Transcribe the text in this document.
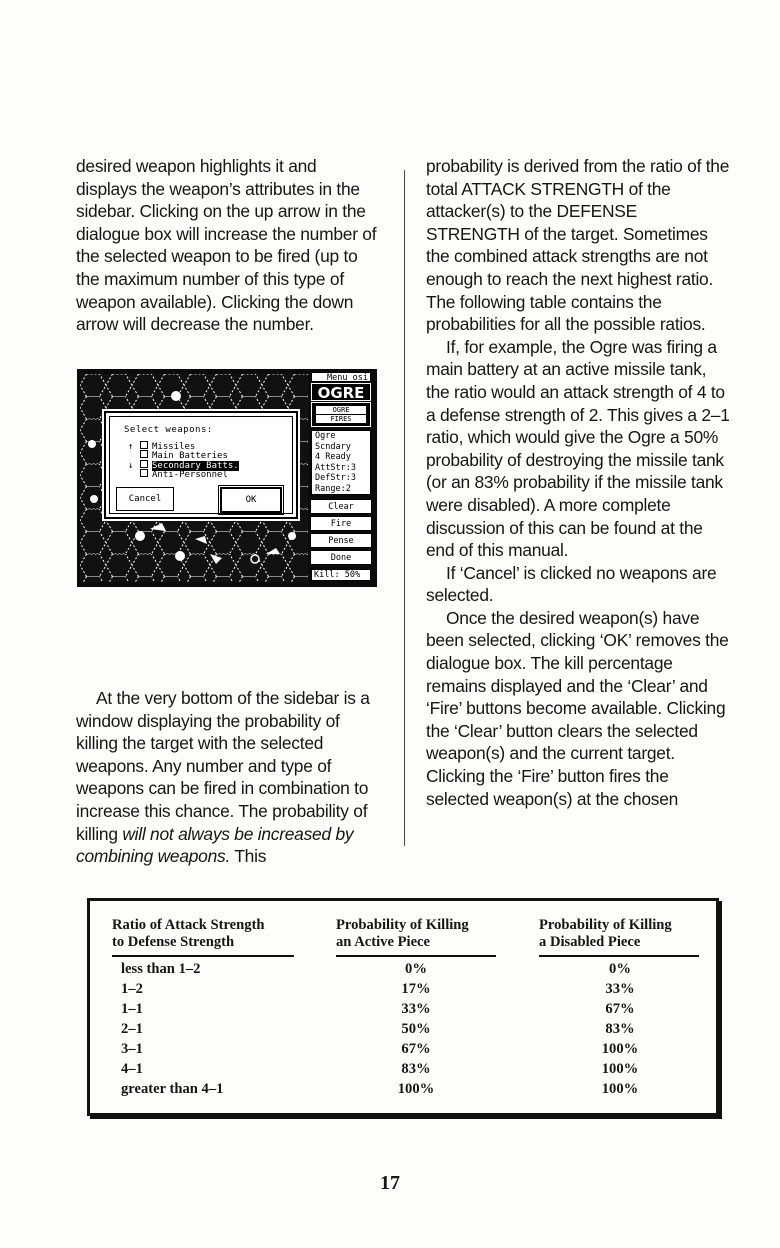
desired weapon highlights it and displays the weapon’s attributes in the sidebar. Clicking on the up arrow in the dialogue box will increase the number of the selected weapon to be fired (up to the maximum number of this type of weapon available). Clicking the down arrow will decrease the number.

Select weapons:
↑ Missiles
Main Batteries
↓ Secondary Batts.
Anti-Personnel
Cancel	OK
Menu osi
OGRE
OGRE
FIRES
Ogre
Scndary
4 Ready
AttStr:3
DefStr:3
Range:2
Clear
Fire
Pense
Done
Kill: 50%

At the very bottom of the sidebar is a window displaying the probability of killing the target with the selected weapons. Any number and type of weapons can be fired in combination to increase this chance. The probability of killing will not always be increased by combining weapons. This

probability is derived from the ratio of the total ATTACK STRENGTH of the attacker(s) to the DEFENSE STRENGTH of the target. Sometimes the combined attack strengths are not enough to reach the next highest ratio. The following table contains the probabilities for all the possible ratios.

If, for example, the Ogre was firing a main battery at an active missile tank, the ratio would an attack strength of 4 to a defense strength of 2. This gives a 2–1 ratio, which would give the Ogre a 50% probability of destroying the missile tank (or an 83% probability if the missile tank were disabled). A more complete discussion of this can be found at the end of this manual.

If ‘Cancel’ is clicked no weapons are selected.

Once the desired weapon(s) have been selected, clicking ‘OK’ removes the dialogue box. The kill percentage remains displayed and the ‘Clear’ and ‘Fire’ buttons become available. Clicking the ‘Clear’ button clears the selected weapon(s) and the current target. Clicking the ‘Fire’ button fires the selected weapon(s) at the chosen

Ratio of Attack Strength
to Defense Strength
Probability of Killing
an Active Piece
Probability of Killing
a Disabled Piece
less than 1–2	0%	0%
1–2	17%	33%
1–1	33%	67%
2–1	50%	83%
3–1	67%	100%
4–1	83%	100%
greater than 4–1	100%	100%
17
